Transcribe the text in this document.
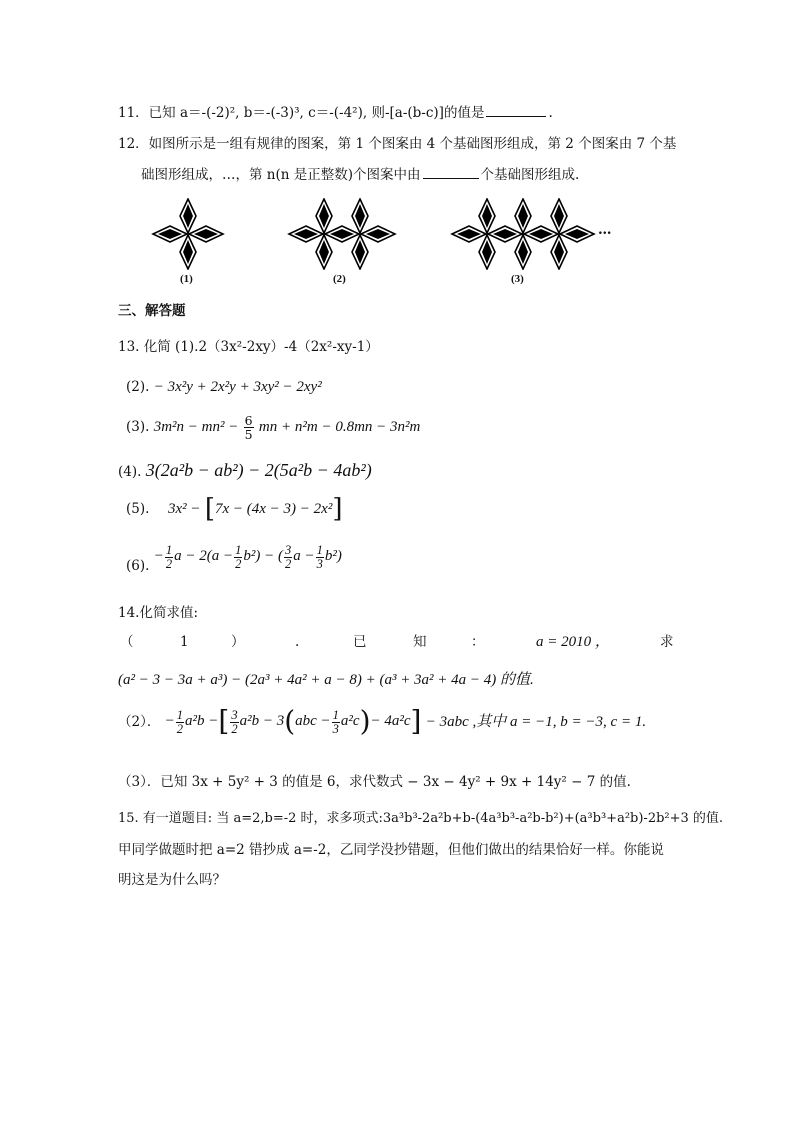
11．已知 a＝-(-2)², b＝-(-3)³, c＝-(-4²), 则-[a-(b-c)]的值是	.
12．如图所示是一组有规律的图案，第 1 个图案由 4 个基础图形组成，第 2 个图案由 7 个基
础图形组成，…，第 n(n 是正整数)个图案中由	个基础图形组成.
…
(1)	(2)	(3)
三、解答题
13. 化简 (1).2（3x²-2xy）-4（2x²-xy-1）
(2). − 3x²y + 2x²y + 3xy² − 2xy²
(3). $3m^2n - mn^2 - \frac{6}{5}$ mn + n²m − 0.8mn − 3n²m
(4). 3(2a²b − ab²) − 2(5a²b − 4ab²)
(5). 3x² − [7x − (4x − 3) − 2x²]
(6). − $\frac{1}{2}$ $a - 2(a - \frac{1}{2} b^2)$ − ( $\frac{3}{2}$ $a - \frac{1}{3} b^2$)
14.化简求值:
（	1	）	.	已	知	：	a = 2010 ，	求
(a² − 3 − 3a + a³) − (2a³ + 4a² + a − 8) + (a³ + 3a² + 4a − 4) 的值.
（2）． − $\frac{1}{2} a^2b$ −[ $\frac{3}{2} a^2b - 3(abc - \frac{1}{3} a^2c)- 4a^2c] - 3abc$ ,其中 a = −1, b = −3, c = 1.
（3）．已知 3x + 5y² + 3 的值是 6，求代数式 − 3x − 4y² + 9x + 14y² − 7 的值.
15. 有一道题目: 当 a=2,b=-2 时，求多项式:3a³b³-2a²b+b-(4a³b³-a²b-b²)+(a³b³+a²b)-2b²+3 的值.
甲同学做题时把 a=2 错抄成 a=-2，乙同学没抄错题，但他们做出的结果恰好一样。你能说
明这是为什么吗？
